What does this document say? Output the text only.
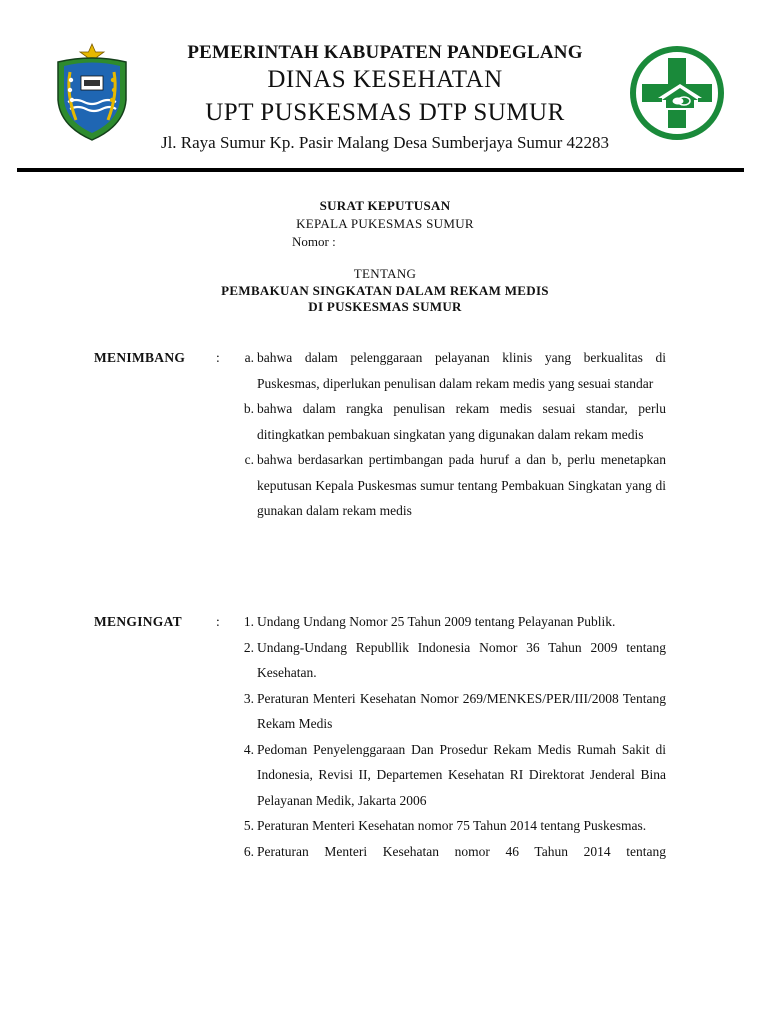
PEMERINTAH KABUPATEN PANDEGLANG
DINAS KESEHATAN
UPT PUSKESMAS DTP SUMUR
Jl. Raya Sumur Kp. Pasir Malang Desa Sumberjaya Sumur 42283
SURAT KEPUTUSAN
KEPALA PUKESMAS SUMUR
Nomor :
TENTANG
PEMBAKUAN SINGKATAN DALAM REKAM MEDIS
DI PUSKESMAS SUMUR
MENIMBANG :	a. bahwa dalam pelenggaraan pelayanan klinis yang berkualitas di Puskesmas, diperlukan penulisan dalam rekam medis yang sesuai standar
b. bahwa dalam rangka penulisan rekam medis sesuai standar, perlu ditingkatkan pembakuan singkatan yang digunakan dalam rekam medis
c. bahwa berdasarkan pertimbangan pada huruf a dan b, perlu menetapkan keputusan Kepala Puskesmas sumur tentang Pembakuan Singkatan yang di gunakan dalam rekam medis
MENGINGAT	:	1. Undang Undang Nomor 25 Tahun 2009 tentang Pelayanan Publik.
2. Undang-Undang Republlik Indonesia Nomor 36 Tahun 2009 tentang Kesehatan.
3. Peraturan Menteri Kesehatan Nomor 269/MENKES/PER/III/2008 Tentang Rekam Medis
4. Pedoman Penyelenggaraan Dan Prosedur Rekam Medis Rumah Sakit di Indonesia, Revisi II, Departemen Kesehatan RI Direktorat Jenderal Bina Pelayanan Medik, Jakarta 2006
5. Peraturan Menteri Kesehatan nomor 75 Tahun 2014 tentang Puskesmas.
6. Peraturan Menteri Kesehatan nomor 46 Tahun 2014 tentang
